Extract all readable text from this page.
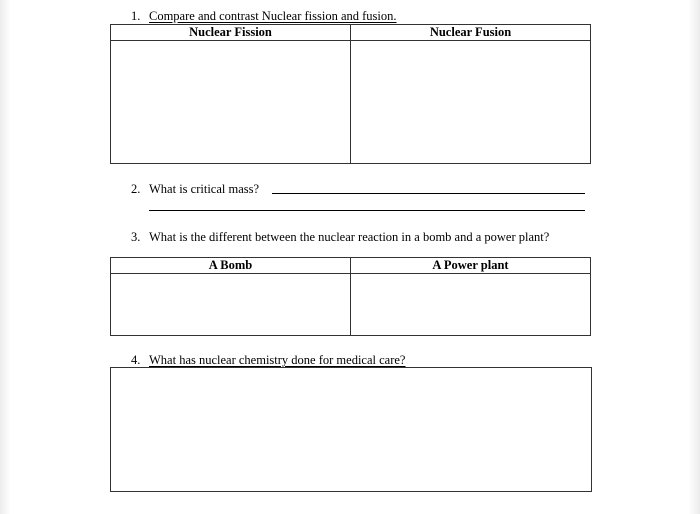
1. Compare and contrast Nuclear fission and fusion.
Nuclear Fission	Nuclear Fusion

2. What is critical mass?
3. What is the different between the nuclear reaction in a bomb and a power plant?
A Bomb	A Power plant

4. What has nuclear chemistry done for medical care?
